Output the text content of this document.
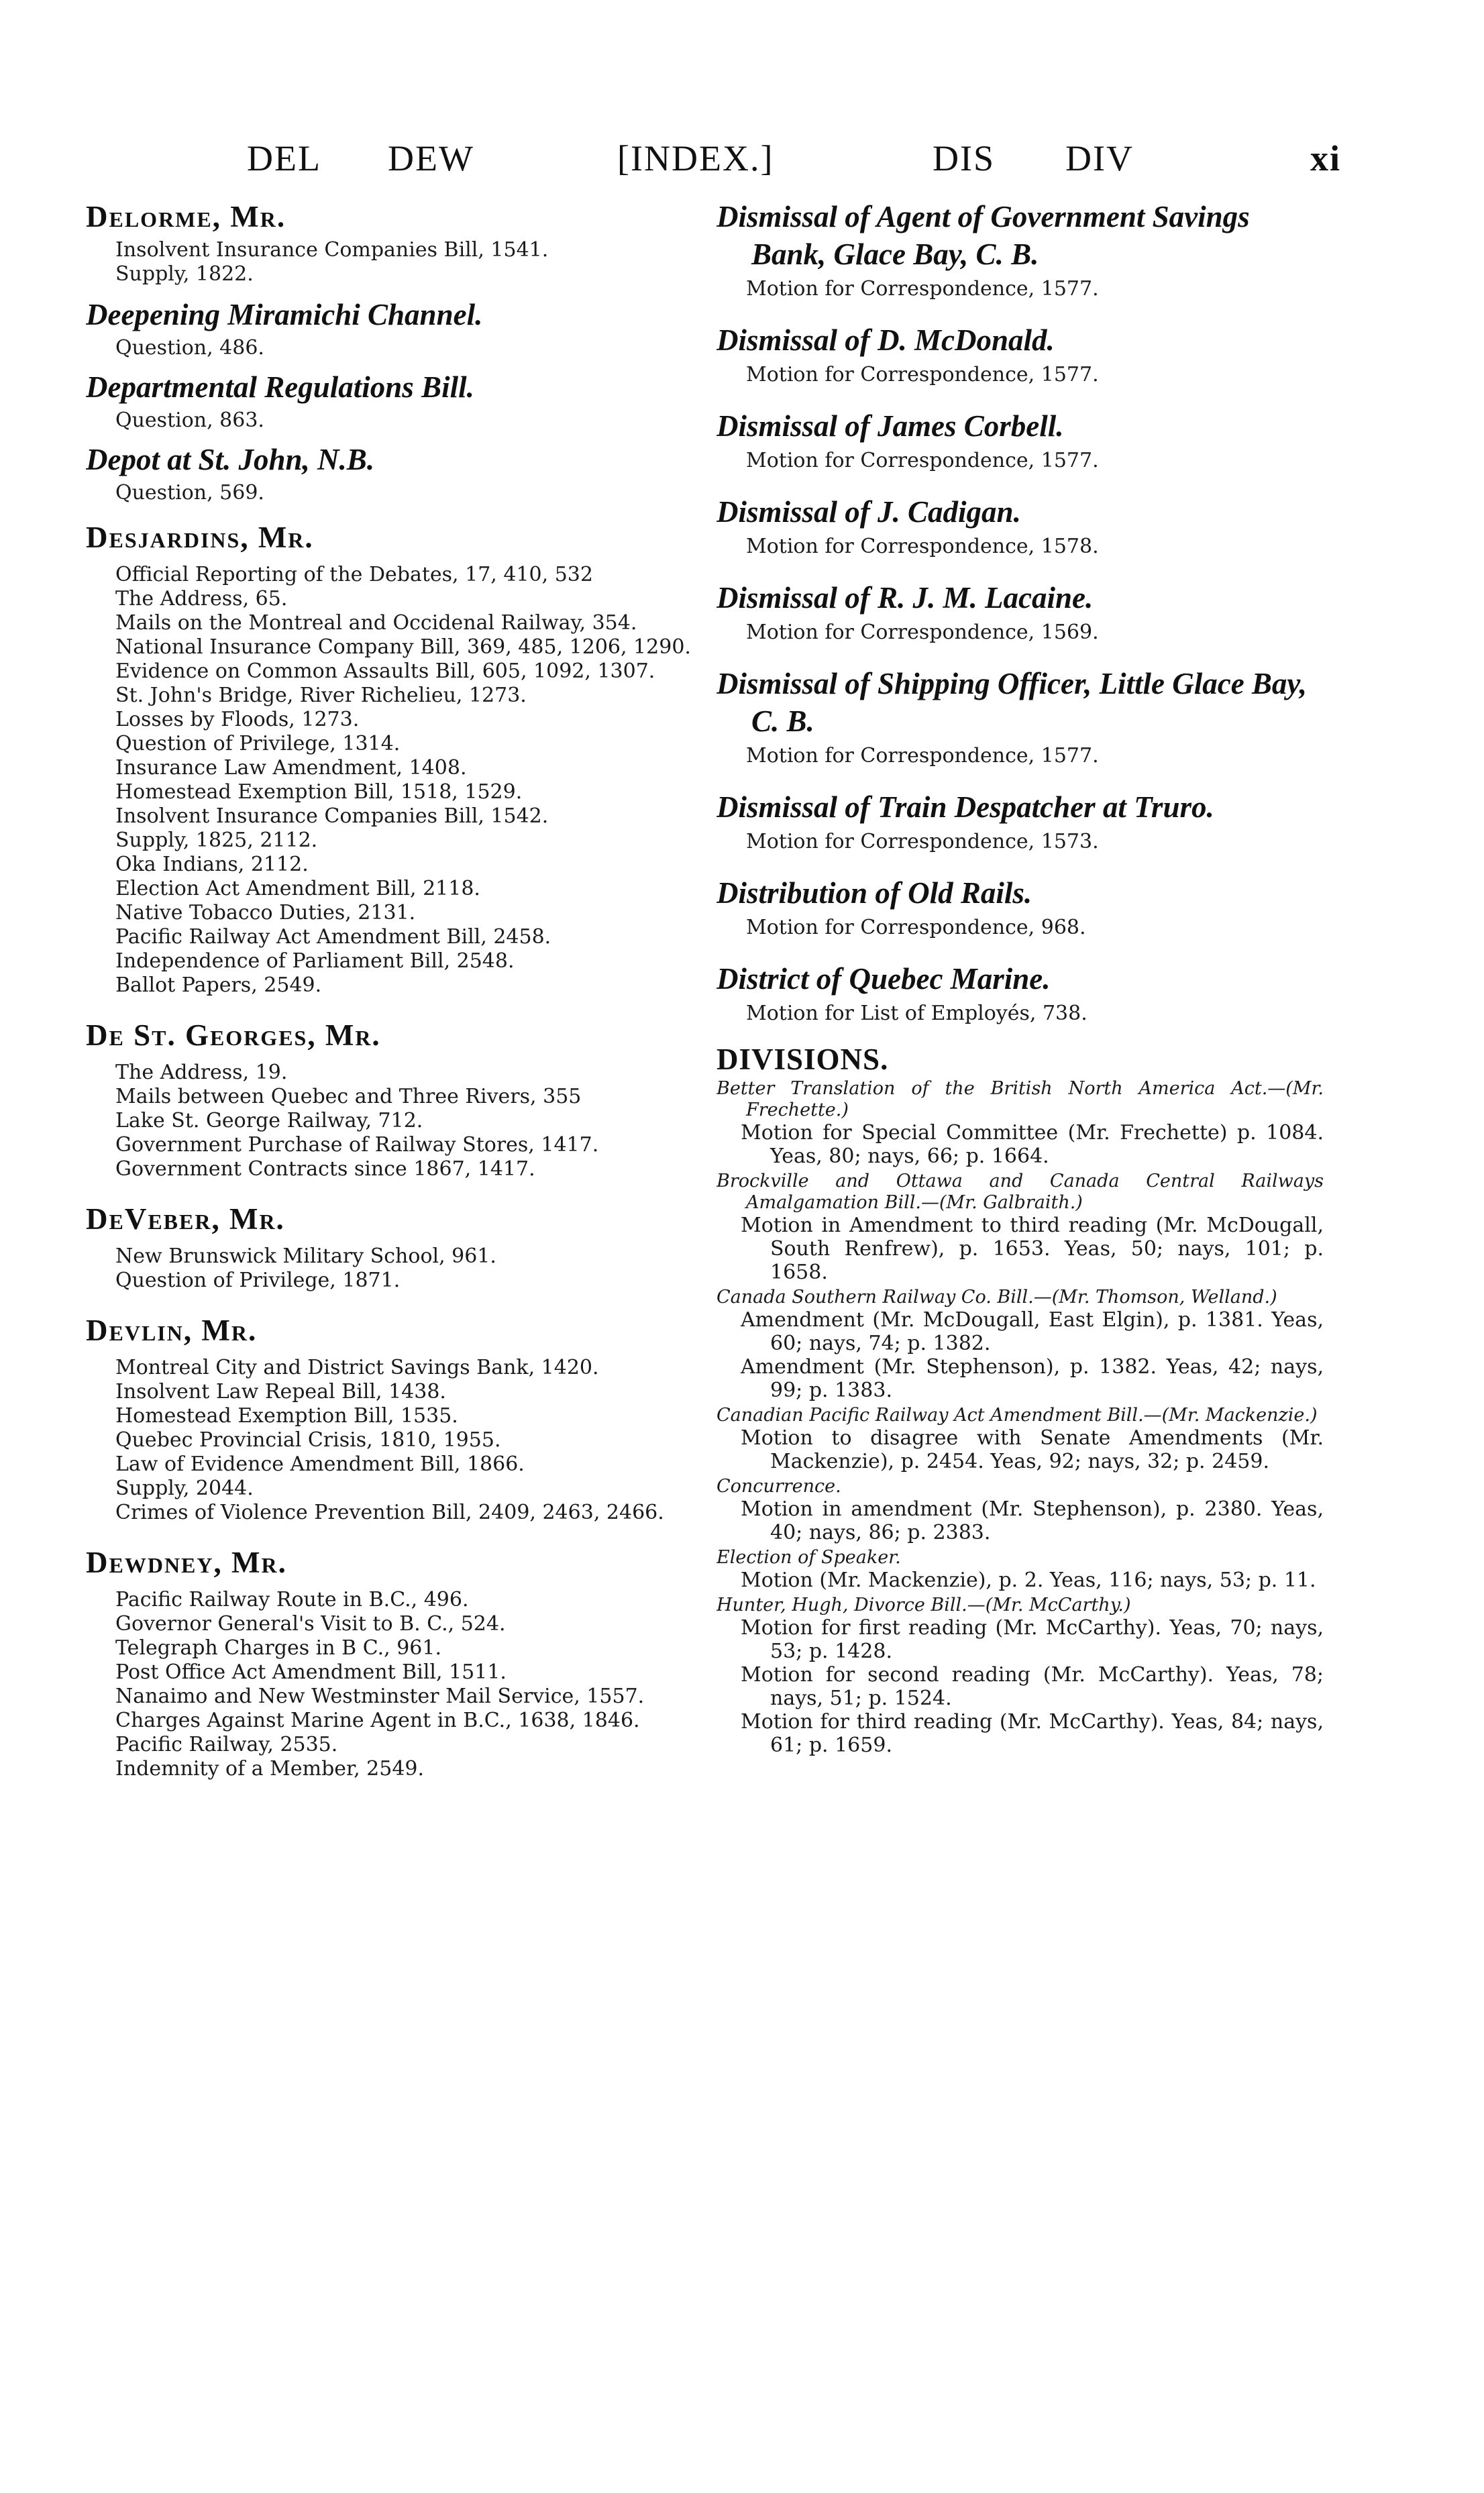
DEL DEW	[INDEX.]	DIS DIV	xi
Delorme, Mr.
Insolvent Insurance Companies Bill, 1541.
Supply, 1822.
Deepening Miramichi Channel.
Question, 486.
Departmental Regulations Bill.
Question, 863.
Depot at St. John, N.B.
Question, 569.
Desjardins, Mr.
Official Reporting of the Debates, 17, 410, 532
The Address, 65.
Mails on the Montreal and Occidenal Railway, 354.
National Insurance Company Bill, 369, 485, 1206, 1290.
Evidence on Common Assaults Bill, 605, 1092, 1307.
St. John's Bridge, River Richelieu, 1273.
Losses by Floods, 1273.
Question of Privilege, 1314.
Insurance Law Amendment, 1408.
Homestead Exemption Bill, 1518, 1529.
Insolvent Insurance Companies Bill, 1542.
Supply, 1825, 2112.
Oka Indians, 2112.
Election Act Amendment Bill, 2118.
Native Tobacco Duties, 2131.
Pacific Railway Act Amendment Bill, 2458.
Independence of Parliament Bill, 2548.
Ballot Papers, 2549.
De St. Georges, Mr.
The Address, 19.
Mails between Quebec and Three Rivers, 355
Lake St. George Railway, 712.
Government Purchase of Railway Stores, 1417.
Government Contracts since 1867, 1417.
DeVeber, Mr.
New Brunswick Military School, 961.
Question of Privilege, 1871.
Devlin, Mr.
Montreal City and District Savings Bank, 1420.
Insolvent Law Repeal Bill, 1438.
Homestead Exemption Bill, 1535.
Quebec Provincial Crisis, 1810, 1955.
Law of Evidence Amendment Bill, 1866.
Supply, 2044.
Crimes of Violence Prevention Bill, 2409, 2463, 2466.
Dewdney, Mr.
Pacific Railway Route in B.C., 496.
Governor General's Visit to B. C., 524.
Telegraph Charges in B C., 961.
Post Office Act Amendment Bill, 1511.
Nanaimo and New Westminster Mail Service, 1557.
Charges Against Marine Agent in B.C., 1638, 1846.
Pacific Railway, 2535.
Indemnity of a Member, 2549.
Dismissal of Agent of Government Savings Bank, Glace Bay, C. B.
Motion for Correspondence, 1577.
Dismissal of D. McDonald.
Motion for Correspondence, 1577.
Dismissal of James Corbell.
Motion for Correspondence, 1577.
Dismissal of J. Cadigan.
Motion for Correspondence, 1578.
Dismissal of R. J. M. Lacaine.
Motion for Correspondence, 1569.
Dismissal of Shipping Officer, Little Glace Bay, C. B.
Motion for Correspondence, 1577.
Dismissal of Train Despatcher at Truro.
Motion for Correspondence, 1573.
Distribution of Old Rails.
Motion for Correspondence, 968.
District of Quebec Marine.
Motion for List of Employés, 738.
DIVISIONS.

Better Translation of the British North America Act.—(Mr. Frechette.)

Motion for Special Committee (Mr. Frechette) p. 1084. Yeas, 80; nays, 66; p. 1664.

Brockville and Ottawa and Canada Central Railways Amalgamation Bill.—(Mr. Galbraith.)

Motion in Amendment to third reading (Mr. McDougall, South Renfrew), p. 1653. Yeas, 50; nays, 101; p. 1658.

Canada Southern Railway Co. Bill.—(Mr. Thomson, Welland.)

Amendment (Mr. McDougall, East Elgin), p. 1381. Yeas, 60; nays, 74; p. 1382.

Amendment (Mr. Stephenson), p. 1382. Yeas, 42; nays, 99; p. 1383.

Canadian Pacific Railway Act Amendment Bill.—(Mr. Mackenzie.)

Motion to disagree with Senate Amendments (Mr. Mackenzie), p. 2454. Yeas, 92; nays, 32; p. 2459.

Concurrence.

Motion in amendment (Mr. Stephenson), p. 2380. Yeas, 40; nays, 86; p. 2383.

Election of Speaker.

Motion (Mr. Mackenzie), p. 2. Yeas, 116; nays, 53; p. 11.

Hunter, Hugh, Divorce Bill.—(Mr. McCarthy.)

Motion for first reading (Mr. McCarthy). Yeas, 70; nays, 53; p. 1428.

Motion for second reading (Mr. McCarthy). Yeas, 78; nays, 51; p. 1524.

Motion for third reading (Mr. McCarthy). Yeas, 84; nays, 61; p. 1659.
